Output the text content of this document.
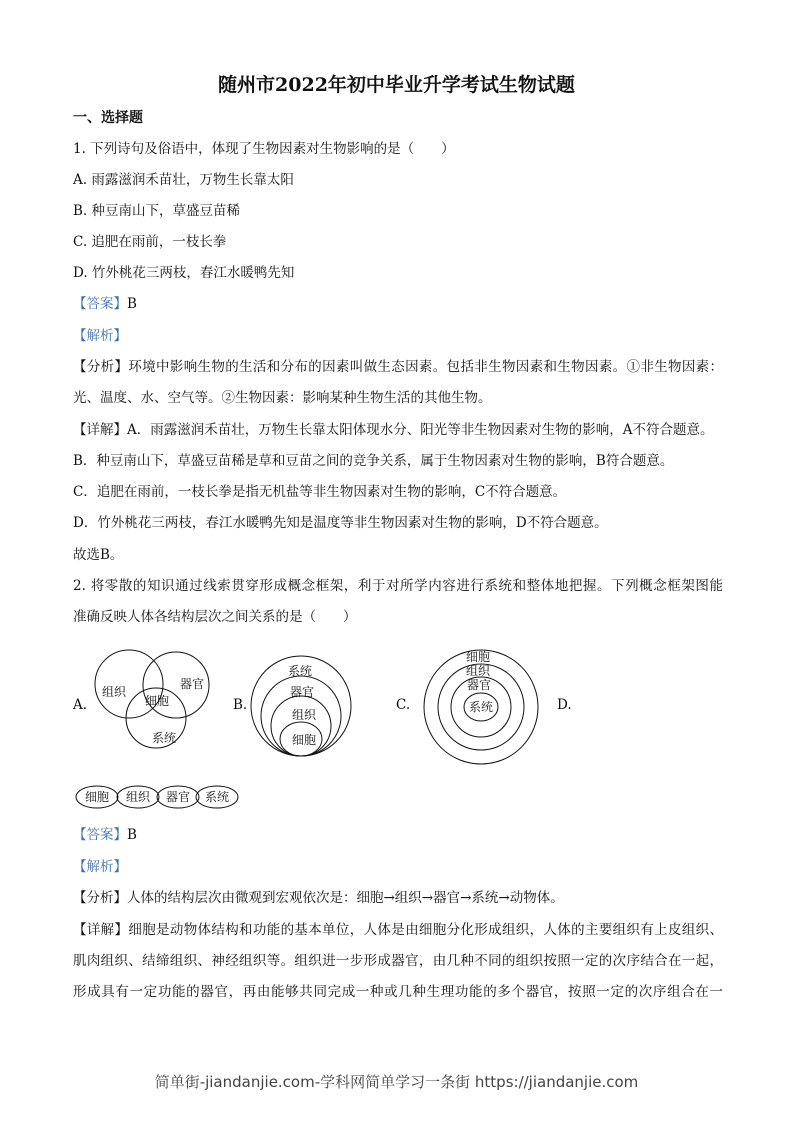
随州市2022年初中毕业升学考试生物试题
一、选择题
1. 下列诗句及俗语中，体现了生物因素对生物影响的是（　　）
A. 雨露滋润禾苗壮，万物生长靠太阳
B. 种豆南山下，草盛豆苗稀
C. 追肥在雨前，一枝长拳
D. 竹外桃花三两枝，春江水暖鸭先知
【答案】B
【解析】
【分析】环境中影响生物的生活和分布的因素叫做生态因素。包括非生物因素和生物因素。①非生物因素：
光、温度、水、空气等。②生物因素：影响某种生物生活的其他生物。
【详解】A．雨露滋润禾苗壮，万物生长靠太阳体现水分、阳光等非生物因素对生物的影响，A不符合题意。
B．种豆南山下，草盛豆苗稀是草和豆苗之间的竞争关系，属于生物因素对生物的影响，B符合题意。
C．追肥在雨前，一枝长拳是指无机盐等非生物因素对生物的影响，C不符合题意。
D．竹外桃花三两枝，春江水暖鸭先知是温度等非生物因素对生物的影响，D不符合题意。
故选B。
2. 将零散的知识通过线索贯穿形成概念框架，利于对所学内容进行系统和整体地把握。下列概念框架图能
准确反映人体各结构层次之间关系的是（　　）
A.	B.	C.	D.
组织
细胞
器官
系统
系统
器官
组织
细胞
细胞
组织
器官
系统
细胞 组织 器官 系统
【答案】B
【解析】
【分析】人体的结构层次由微观到宏观依次是：细胞→组织→器官→系统→动物体。
【详解】细胞是动物体结构和功能的基本单位，人体是由细胞分化形成组织，人体的主要组织有上皮组织、
肌肉组织、结缔组织、神经组织等。组织进一步形成器官，由几种不同的组织按照一定的次序结合在一起，
形成具有一定功能的器官，再由能够共同完成一种或几种生理功能的多个器官，按照一定的次序组合在一
简单街-jiandanjie.com-学科网简单学习一条街 https://jiandanjie.com
